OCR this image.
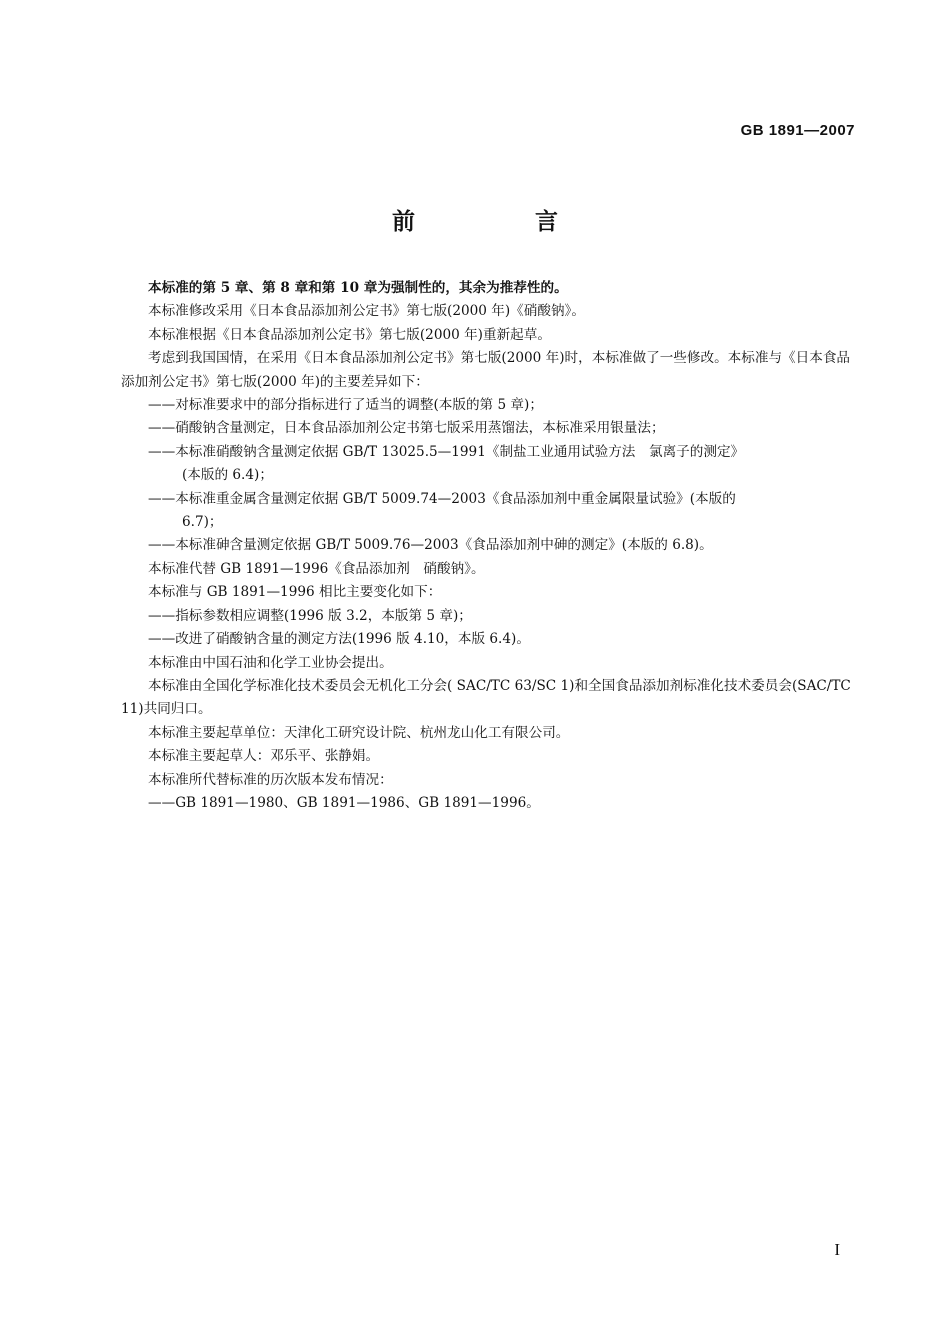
GB 1891—2007
前 言

本标准的第 5 章、第 8 章和第 10 章为强制性的，其余为推荐性的。

本标准修改采用《日本食品添加剂公定书》第七版(2000 年)《硝酸钠》。

本标准根据《日本食品添加剂公定书》第七版(2000 年)重新起草。

考虑到我国国情，在采用《日本食品添加剂公定书》第七版(2000 年)时，本标准做了一些修改。本标准与《日本食品添加剂公定书》第七版(2000 年)的主要差异如下：

——对标准要求中的部分指标进行了适当的调整(本版的第 5 章)；

——硝酸钠含量测定，日本食品添加剂公定书第七版采用蒸馏法，本标准采用银量法；

——本标准硝酸钠含量测定依据 GB/T 13025.5—1991《制盐工业通用试验方法　氯离子的测定》
(本版的 6.4)；

——本标准重金属含量测定依据 GB/T 5009.74—2003《食品添加剂中重金属限量试验》(本版的
6.7)；

——本标准砷含量测定依据 GB/T 5009.76—2003《食品添加剂中砷的测定》(本版的 6.8)。

本标准代替 GB 1891—1996《食品添加剂　硝酸钠》。

本标准与 GB 1891—1996 相比主要变化如下：

——指标参数相应调整(1996 版 3.2，本版第 5 章)；

——改进了硝酸钠含量的测定方法(1996 版 4.10，本版 6.4)。

本标准由中国石油和化学工业协会提出。

本标准由全国化学标准化技术委员会无机化工分会( SAC/TC 63/SC 1)和全国食品添加剂标准化技术委员会(SAC/TC 11)共同归口。

本标准主要起草单位：天津化工研究设计院、杭州龙山化工有限公司。

本标准主要起草人：邓乐平、张静娟。

本标准所代替标准的历次版本发布情况：

——GB 1891—1980、GB 1891—1986、GB 1891—1996。

I
